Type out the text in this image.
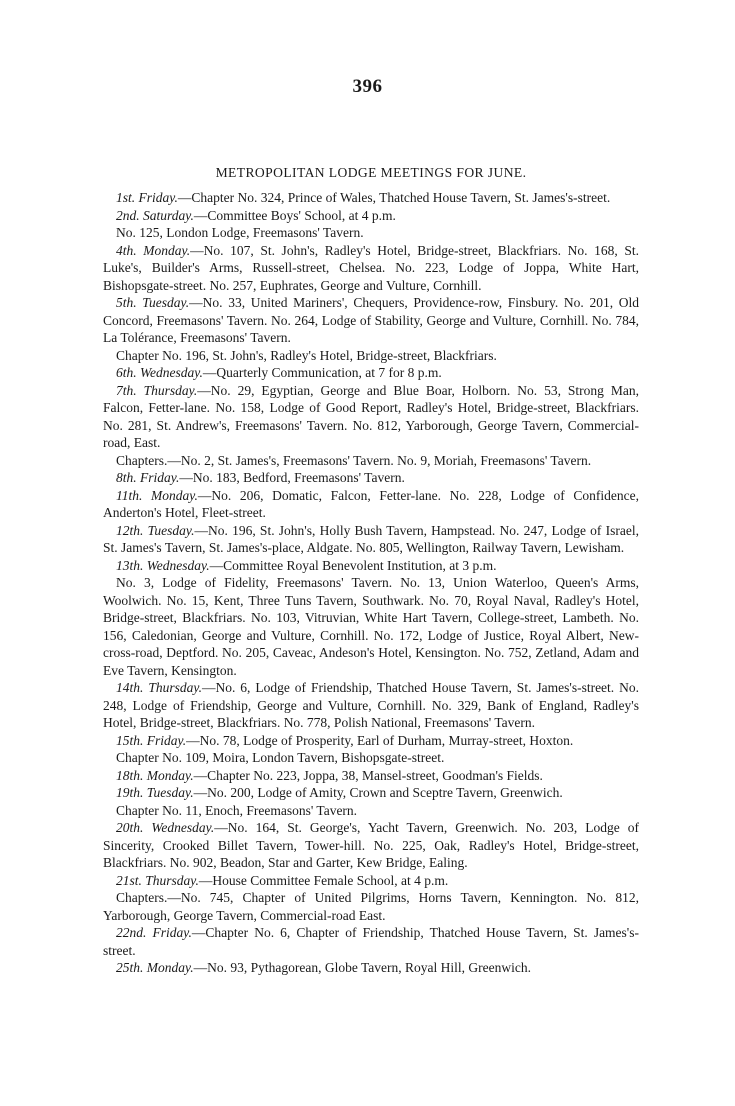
396
METROPOLITAN LODGE MEETINGS FOR JUNE.

1st. Friday.—Chapter No. 324, Prince of Wales, Thatched House Tavern, St. James's-street.

2nd. Saturday.—Committee Boys' School, at 4 p.m.

No. 125, London Lodge, Freemasons' Tavern.

4th. Monday.—No. 107, St. John's, Radley's Hotel, Bridge-street, Blackfriars. No. 168, St. Luke's, Builder's Arms, Russell-street, Chelsea. No. 223, Lodge of Joppa, White Hart, Bishopsgate-street. No. 257, Euphrates, George and Vulture, Cornhill.

5th. Tuesday.—No. 33, United Mariners', Chequers, Providence-row, Finsbury. No. 201, Old Concord, Freemasons' Tavern. No. 264, Lodge of Stability, George and Vulture, Cornhill. No. 784, La Tolérance, Freemasons' Tavern.

Chapter No. 196, St. John's, Radley's Hotel, Bridge-street, Blackfriars.

6th. Wednesday.—Quarterly Communication, at 7 for 8 p.m.

7th. Thursday.—No. 29, Egyptian, George and Blue Boar, Holborn. No. 53, Strong Man, Falcon, Fetter-lane. No. 158, Lodge of Good Report, Radley's Hotel, Bridge-street, Blackfriars. No. 281, St. Andrew's, Freemasons' Tavern. No. 812, Yarborough, George Tavern, Commercial-road, East.

Chapters.—No. 2, St. James's, Freemasons' Tavern. No. 9, Moriah, Freemasons' Tavern.

8th. Friday.—No. 183, Bedford, Freemasons' Tavern.

11th. Monday.—No. 206, Domatic, Falcon, Fetter-lane. No. 228, Lodge of Confidence, Anderton's Hotel, Fleet-street.

12th. Tuesday.—No. 196, St. John's, Holly Bush Tavern, Hampstead. No. 247, Lodge of Israel, St. James's Tavern, St. James's-place, Aldgate. No. 805, Wellington, Railway Tavern, Lewisham.

13th. Wednesday.—Committee Royal Benevolent Institution, at 3 p.m.

No. 3, Lodge of Fidelity, Freemasons' Tavern. No. 13, Union Waterloo, Queen's Arms, Woolwich. No. 15, Kent, Three Tuns Tavern, Southwark. No. 70, Royal Naval, Radley's Hotel, Bridge-street, Blackfriars. No. 103, Vitruvian, White Hart Tavern, College-street, Lambeth. No. 156, Caledonian, George and Vulture, Cornhill. No. 172, Lodge of Justice, Royal Albert, New-cross-road, Deptford. No. 205, Caveac, Andeson's Hotel, Kensington. No. 752, Zetland, Adam and Eve Tavern, Kensington.

14th. Thursday.—No. 6, Lodge of Friendship, Thatched House Tavern, St. James's-street. No. 248, Lodge of Friendship, George and Vulture, Cornhill. No. 329, Bank of England, Radley's Hotel, Bridge-street, Blackfriars. No. 778, Polish National, Freemasons' Tavern.

15th. Friday.—No. 78, Lodge of Prosperity, Earl of Durham, Murray-street, Hoxton.

Chapter No. 109, Moira, London Tavern, Bishopsgate-street.

18th. Monday.—Chapter No. 223, Joppa, 38, Mansel-street, Goodman's Fields.

19th. Tuesday.—No. 200, Lodge of Amity, Crown and Sceptre Tavern, Greenwich.

Chapter No. 11, Enoch, Freemasons' Tavern.

20th. Wednesday.—No. 164, St. George's, Yacht Tavern, Greenwich. No. 203, Lodge of Sincerity, Crooked Billet Tavern, Tower-hill. No. 225, Oak, Radley's Hotel, Bridge-street, Blackfriars. No. 902, Beadon, Star and Garter, Kew Bridge, Ealing.

21st. Thursday.—House Committee Female School, at 4 p.m.

Chapters.—No. 745, Chapter of United Pilgrims, Horns Tavern, Kennington. No. 812, Yarborough, George Tavern, Commercial-road East.

22nd. Friday.—Chapter No. 6, Chapter of Friendship, Thatched House Tavern, St. James's-street.

25th. Monday.—No. 93, Pythagorean, Globe Tavern, Royal Hill, Greenwich.
